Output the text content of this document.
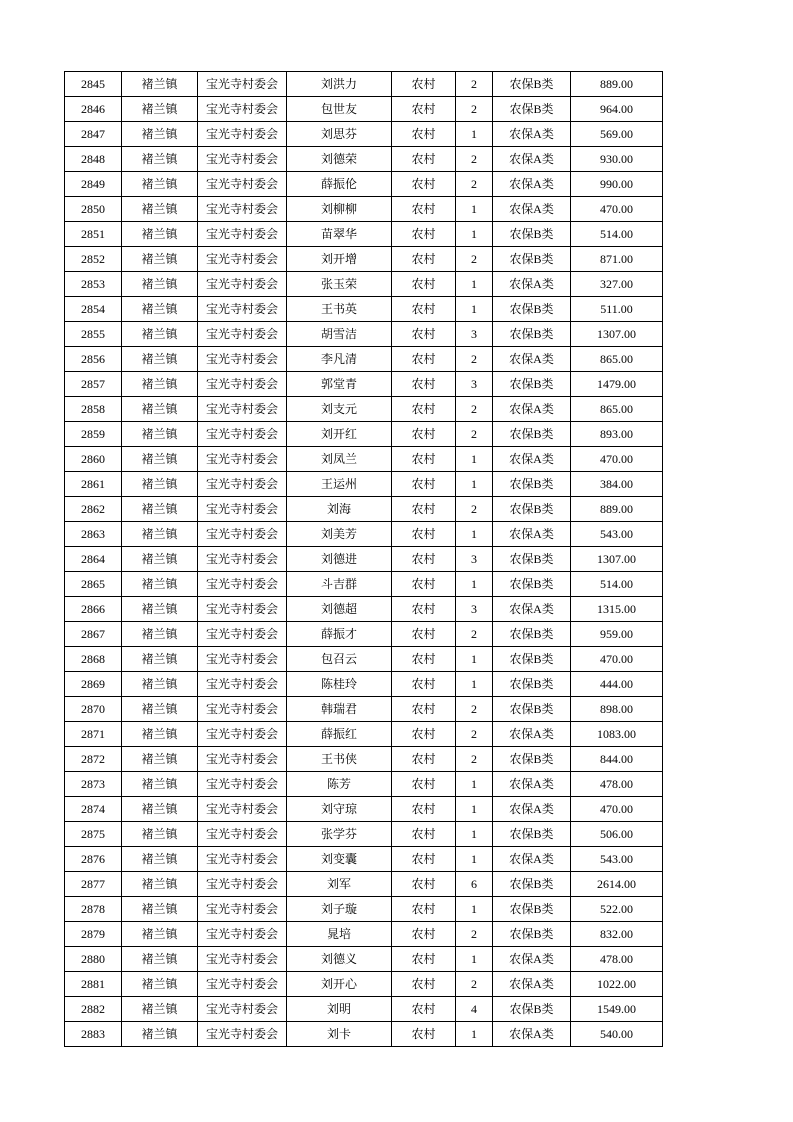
2845	褚兰镇	宝光寺村委会	刘洪力	农村	2	农保B类	889.00
2846	褚兰镇	宝光寺村委会	包世友	农村	2	农保B类	964.00
2847	褚兰镇	宝光寺村委会	刘思芬	农村	1	农保A类	569.00
2848	褚兰镇	宝光寺村委会	刘德荣	农村	2	农保A类	930.00
2849	褚兰镇	宝光寺村委会	薛振伦	农村	2	农保A类	990.00
2850	褚兰镇	宝光寺村委会	刘柳柳	农村	1	农保A类	470.00
2851	褚兰镇	宝光寺村委会	苗翠华	农村	1	农保B类	514.00
2852	褚兰镇	宝光寺村委会	刘开增	农村	2	农保B类	871.00
2853	褚兰镇	宝光寺村委会	张玉荣	农村	1	农保A类	327.00
2854	褚兰镇	宝光寺村委会	王书英	农村	1	农保B类	511.00
2855	褚兰镇	宝光寺村委会	胡雪洁	农村	3	农保B类	1307.00
2856	褚兰镇	宝光寺村委会	李凡清	农村	2	农保A类	865.00
2857	褚兰镇	宝光寺村委会	郭堂青	农村	3	农保B类	1479.00
2858	褚兰镇	宝光寺村委会	刘支元	农村	2	农保A类	865.00
2859	褚兰镇	宝光寺村委会	刘开红	农村	2	农保B类	893.00
2860	褚兰镇	宝光寺村委会	刘凤兰	农村	1	农保A类	470.00
2861	褚兰镇	宝光寺村委会	王运州	农村	1	农保B类	384.00
2862	褚兰镇	宝光寺村委会	刘海	农村	2	农保B类	889.00
2863	褚兰镇	宝光寺村委会	刘美芳	农村	1	农保A类	543.00
2864	褚兰镇	宝光寺村委会	刘德进	农村	3	农保B类	1307.00
2865	褚兰镇	宝光寺村委会	斗吉群	农村	1	农保B类	514.00
2866	褚兰镇	宝光寺村委会	刘德超	农村	3	农保A类	1315.00
2867	褚兰镇	宝光寺村委会	薛振才	农村	2	农保B类	959.00
2868	褚兰镇	宝光寺村委会	包召云	农村	1	农保B类	470.00
2869	褚兰镇	宝光寺村委会	陈桂玲	农村	1	农保B类	444.00
2870	褚兰镇	宝光寺村委会	韩瑞君	农村	2	农保B类	898.00
2871	褚兰镇	宝光寺村委会	薛振红	农村	2	农保A类	1083.00
2872	褚兰镇	宝光寺村委会	王书侠	农村	2	农保B类	844.00
2873	褚兰镇	宝光寺村委会	陈芳	农村	1	农保A类	478.00
2874	褚兰镇	宝光寺村委会	刘守琼	农村	1	农保A类	470.00
2875	褚兰镇	宝光寺村委会	张学芬	农村	1	农保B类	506.00
2876	褚兰镇	宝光寺村委会	刘变囊	农村	1	农保A类	543.00
2877	褚兰镇	宝光寺村委会	刘军	农村	6	农保B类	2614.00
2878	褚兰镇	宝光寺村委会	刘子璇	农村	1	农保B类	522.00
2879	褚兰镇	宝光寺村委会	晁培	农村	2	农保B类	832.00
2880	褚兰镇	宝光寺村委会	刘德义	农村	1	农保A类	478.00
2881	褚兰镇	宝光寺村委会	刘开心	农村	2	农保A类	1022.00
2882	褚兰镇	宝光寺村委会	刘明	农村	4	农保B类	1549.00
2883	褚兰镇	宝光寺村委会	刘卡	农村	1	农保A类	540.00
